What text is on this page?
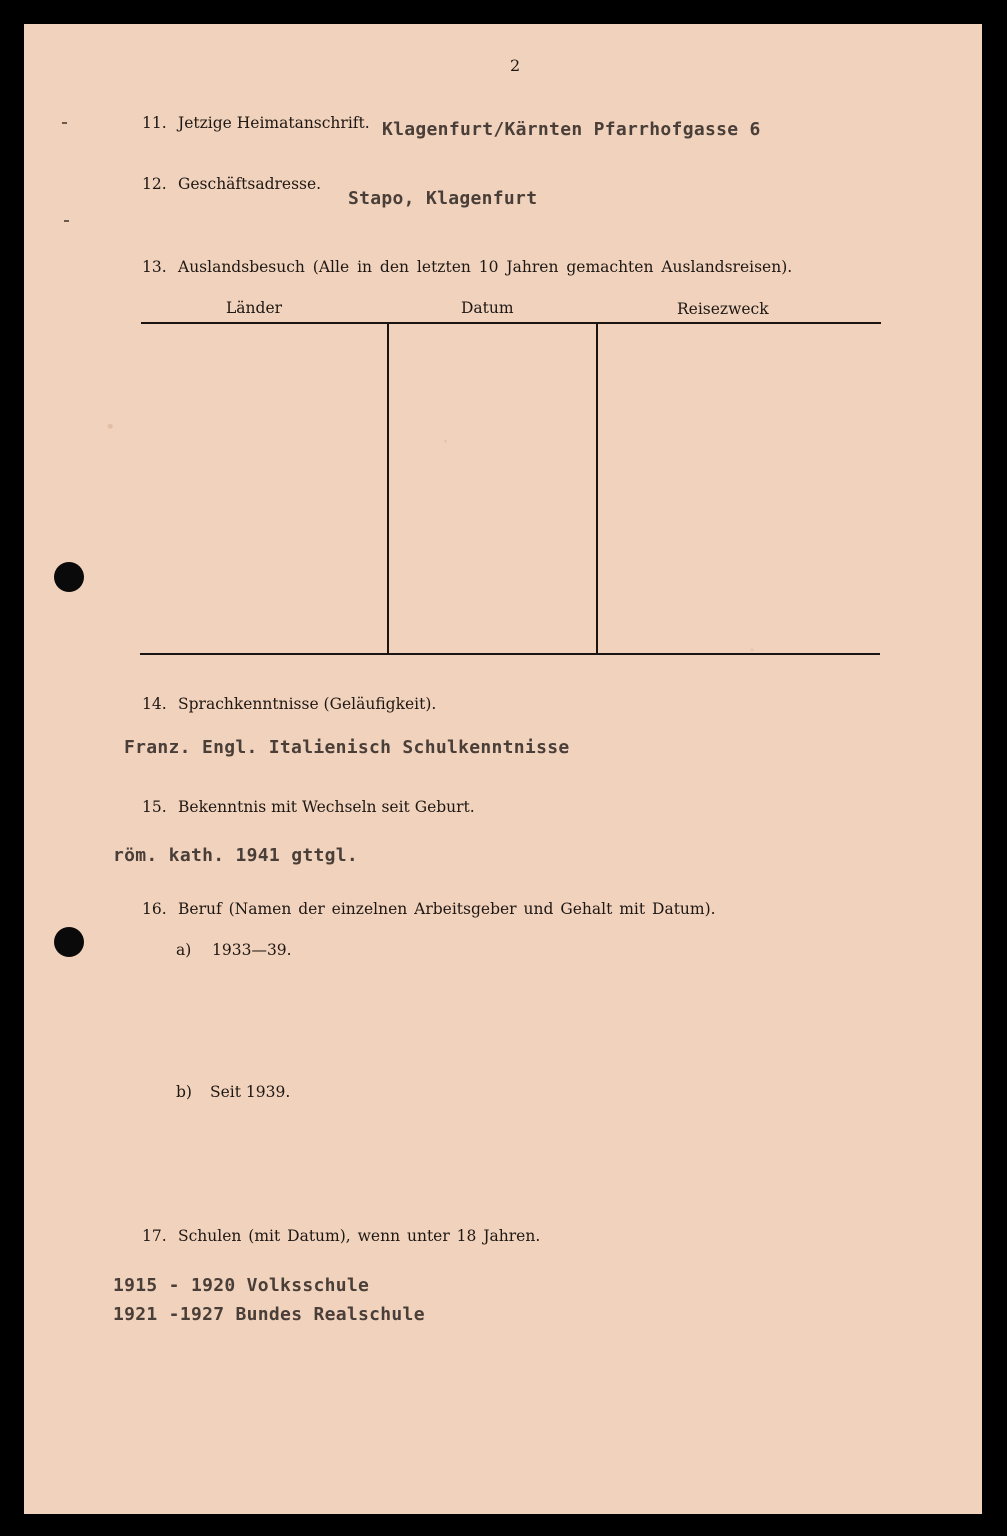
2
11. Jetzige Heimatanschrift. Klagenfurt/Kärnten Pfarrhofgasse 6
12. Geschäftsadresse.
Stapo, Klagenfurt
13. Auslandsbesuch (Alle in den letzten 10 Jahren gemachten Auslandsreisen).
Länder	Datum	Reisezweck
14. Sprachkenntnisse (Geläufigkeit).
Franz. Engl. Italienisch Schulkenntnisse
15. Bekenntnis mit Wechseln seit Geburt.
röm. kath. 1941 gttgl.
16. Beruf (Namen der einzelnen Arbeitsgeber und Gehalt mit Datum).
a) 1933—39.
b) Seit 1939.
17. Schulen (mit Datum), wenn unter 18 Jahren.
1915 - 1920 Volksschule
1921 -1927 Bundes Realschule
